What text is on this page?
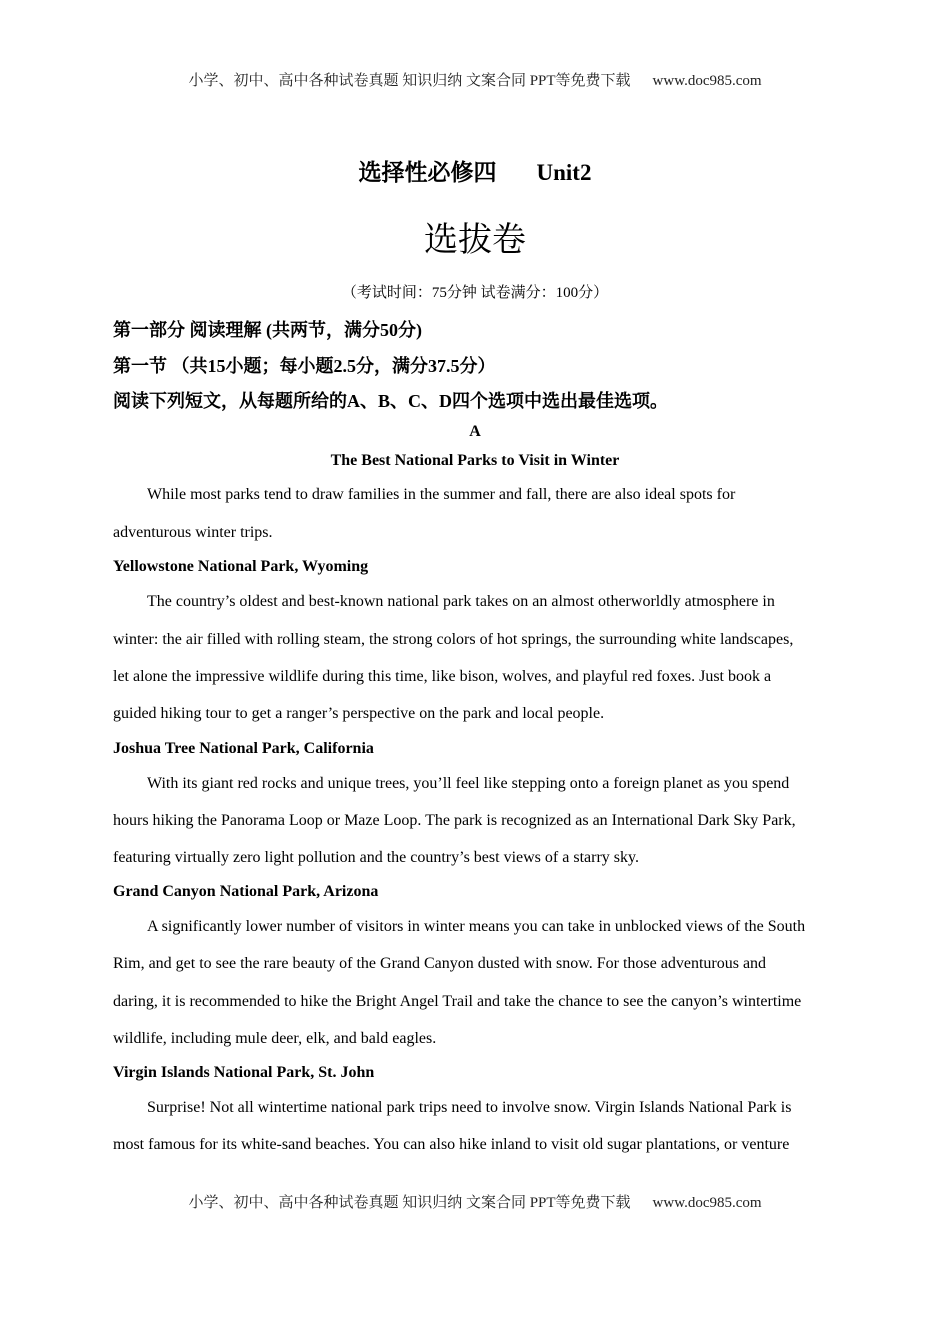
小学、初中、高中各种试卷真题 知识归纳 文案合同 PPT等免费下载 www.doc985.com
选择性必修四 Unit2
选拔卷
（考试时间：75分钟 试卷满分：100分）
第一部分 阅读理解 (共两节，满分50分)
第一节 （共15小题；每小题2.5分，满分37.5分）
阅读下列短文，从每题所给的A、B、C、D四个选项中选出最佳选项。
A
The Best National Parks to Visit in Winter
While most parks tend to draw families in the summer and fall, there are also ideal spots for
adventurous winter trips.
Yellowstone National Park, Wyoming
The country’s oldest and best-known national park takes on an almost otherworldly atmosphere in
winter: the air filled with rolling steam, the strong colors of hot springs, the surrounding white landscapes,
let alone the impressive wildlife during this time, like bison, wolves, and playful red foxes. Just book a
guided hiking tour to get a ranger’s perspective on the park and local people.
Joshua Tree National Park, California
With its giant red rocks and unique trees, you’ll feel like stepping onto a foreign planet as you spend
hours hiking the Panorama Loop or Maze Loop. The park is recognized as an International Dark Sky Park,
featuring virtually zero light pollution and the country’s best views of a starry sky.
Grand Canyon National Park, Arizona
A significantly lower number of visitors in winter means you can take in unblocked views of the South
Rim, and get to see the rare beauty of the Grand Canyon dusted with snow. For those adventurous and
daring, it is recommended to hike the Bright Angel Trail and take the chance to see the canyon’s wintertime
wildlife, including mule deer, elk, and bald eagles.
Virgin Islands National Park, St. John
Surprise! Not all wintertime national park trips need to involve snow. Virgin Islands National Park is
most famous for its white-sand beaches. You can also hike inland to visit old sugar plantations, or venture
小学、初中、高中各种试卷真题 知识归纳 文案合同 PPT等免费下载 www.doc985.com
